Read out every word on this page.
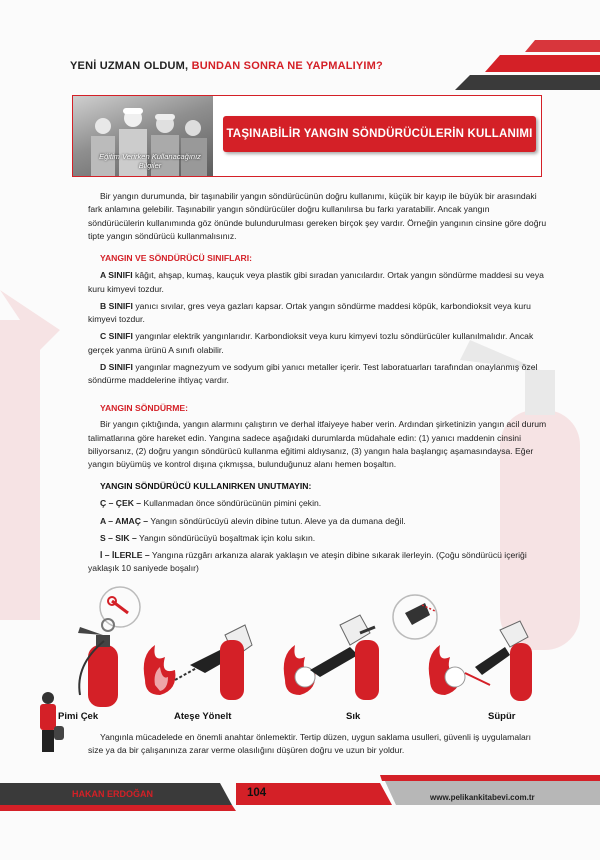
YENİ UZMAN OLDUM, BUNDAN SONRA NE YAPMALIYIM?
Eğitim Verirken Kullanacağınız Bilgiler
TAŞINABİLİR YANGIN SÖNDÜRÜCÜLERİN KULLANIMI

Bir yangın durumunda, bir taşınabilir yangın söndürücünün doğru kullanımı, küçük bir kayıp ile büyük bir arasındaki fark anlamına gelebilir. Taşınabilir yangın söndürücüler doğru kullanılırsa bu farkı yaratabilir. Ancak yangın söndürücülerin kullanımında göz önünde bulundurulması gereken birçok şey vardır. Örneğin yangının cinsine göre doğru tipte yangın söndürücü kullanmalısınız.

YANGIN VE SÖNDÜRÜCÜ SINIFLARI:

A SINIFI kâğıt, ahşap, kumaş, kauçuk veya plastik gibi sıradan yanıcılardır. Ortak yangın söndürme maddesi su veya kuru kimyevi tozdur.

B SINIFI yanıcı sıvılar, gres veya gazları kapsar. Ortak yangın söndürme maddesi köpük, karbondioksit veya kuru kimyevi tozdur.

C SINIFI yangınlar elektrik yangınlarıdır. Karbondioksit veya kuru kimyevi tozlu söndürücüler kullanılmalıdır. Ancak gerçek yanma ürünü A sınıfı olabilir.

D SINIFI yangınlar magnezyum ve sodyum gibi yanıcı metaller içerir. Test laboratuarları tarafından onaylanmış özel söndürme maddelerine ihtiyaç vardır.

YANGIN SÖNDÜRME:

Bir yangın çıktığında, yangın alarmını çalıştırın ve derhal itfaiyeye haber verin. Ardından şirketinizin yangın acil durum talimatlarına göre hareket edin. Yangına sadece aşağıdaki durumlarda müdahale edin: (1) yanıcı maddenin cinsini biliyorsanız, (2) doğru yangın söndürücü kullanma eğitimi aldıysanız, (3) yangın hala başlangıç aşamasındaysa. Eğer yangın büyümüş ve kontrol dışına çıkmışsa, bulunduğunuz alanı hemen boşaltın.

YANGIN SÖNDÜRÜCÜ KULLANIRKEN UNUTMAYIN:

Ç – ÇEK – Kullanmadan önce söndürücünün pimini çekin.

A – AMAÇ – Yangın söndürücüyü alevin dibine tutun. Aleve ya da dumana değil.

S – SIK – Yangın söndürücüyü boşaltmak için kolu sıkın.

İ – İLERLE – Yangına rüzgârı arkanıza alarak yaklaşın ve ateşin dibine sıkarak ilerleyin. (Çoğu söndürücü içeriği yaklaşık 10 saniyede boşalır)

Pimi Çek	Ateşe Yönelt	Sık	Süpür

Yangınla mücadelede en önemli anahtar önlemektir. Tertip düzen, uygun saklama usulleri, güvenli iş uygulamaları size ya da bir çalışanınıza zarar verme olasılığını düşüren doğru ve uzun bir yoldur.

HAKAN ERDOĞAN	104	www.pelikankitabevi.com.tr
